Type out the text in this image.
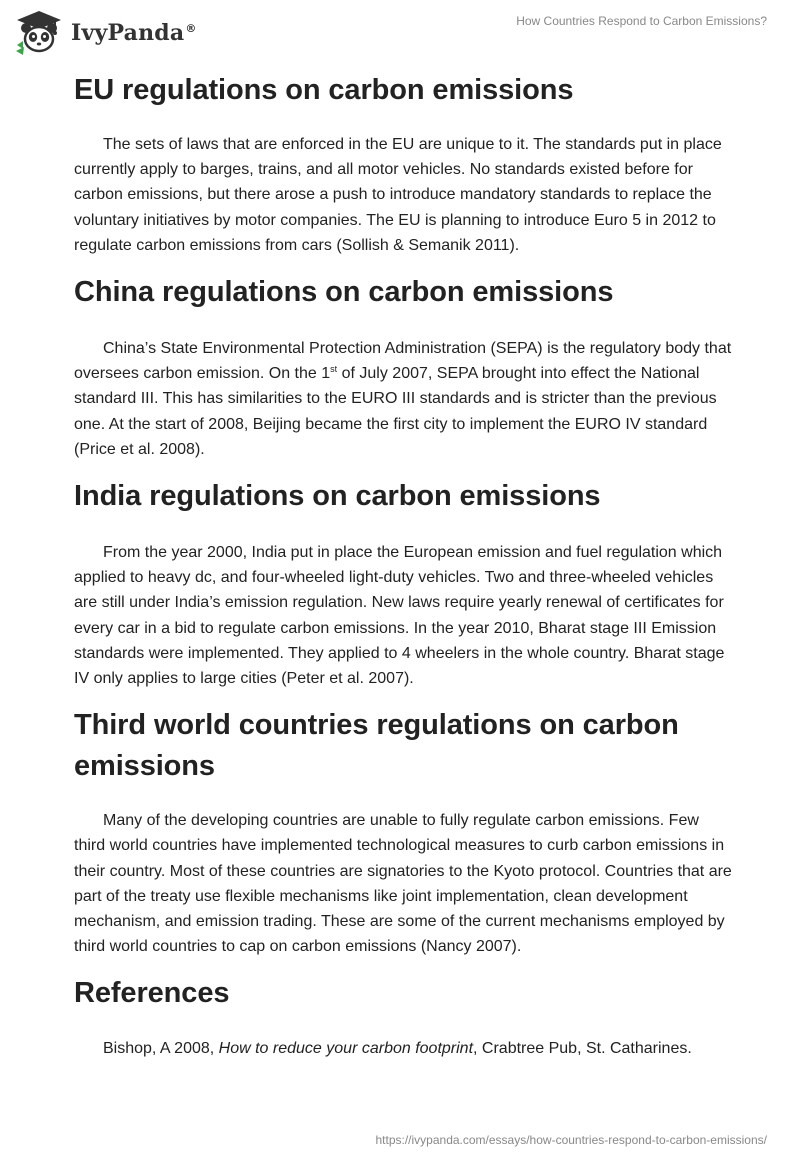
IvyPanda®
How Countries Respond to Carbon Emissions?
EU regulations on carbon emissions

The sets of laws that are enforced in the EU are unique to it. The standards put in place currently apply to barges, trains, and all motor vehicles. No standards existed before for carbon emissions, but there arose a push to introduce mandatory standards to replace the voluntary initiatives by motor companies. The EU is planning to introduce Euro 5 in 2012 to regulate carbon emissions from cars (Sollish & Semanik 2011).

China regulations on carbon emissions

China’s State Environmental Protection Administration (SEPA) is the regulatory body that oversees carbon emission. On the 1st of July 2007, SEPA brought into effect the National standard III. This has similarities to the EURO III standards and is stricter than the previous one. At the start of 2008, Beijing became the first city to implement the EURO IV standard (Price et al. 2008).

India regulations on carbon emissions

From the year 2000, India put in place the European emission and fuel regulation which applied to heavy dc, and four-wheeled light-duty vehicles. Two and three-wheeled vehicles are still under India’s emission regulation. New laws require yearly renewal of certificates for every car in a bid to regulate carbon emissions. In the year 2010, Bharat stage III Emission standards were implemented. They applied to 4 wheelers in the whole country. Bharat stage IV only applies to large cities (Peter et al. 2007).

Third world countries regulations on carbon emissions

Many of the developing countries are unable to fully regulate carbon emissions. Few third world countries have implemented technological measures to curb carbon emissions in their country. Most of these countries are signatories to the Kyoto protocol. Countries that are part of the treaty use flexible mechanisms like joint implementation, clean development mechanism, and emission trading. These are some of the current mechanisms employed by third world countries to cap on carbon emissions (Nancy 2007).

References

Bishop, A 2008, How to reduce your carbon footprint, Crabtree Pub, St. Catharines.

https://ivypanda.com/essays/how-countries-respond-to-carbon-emissions/
